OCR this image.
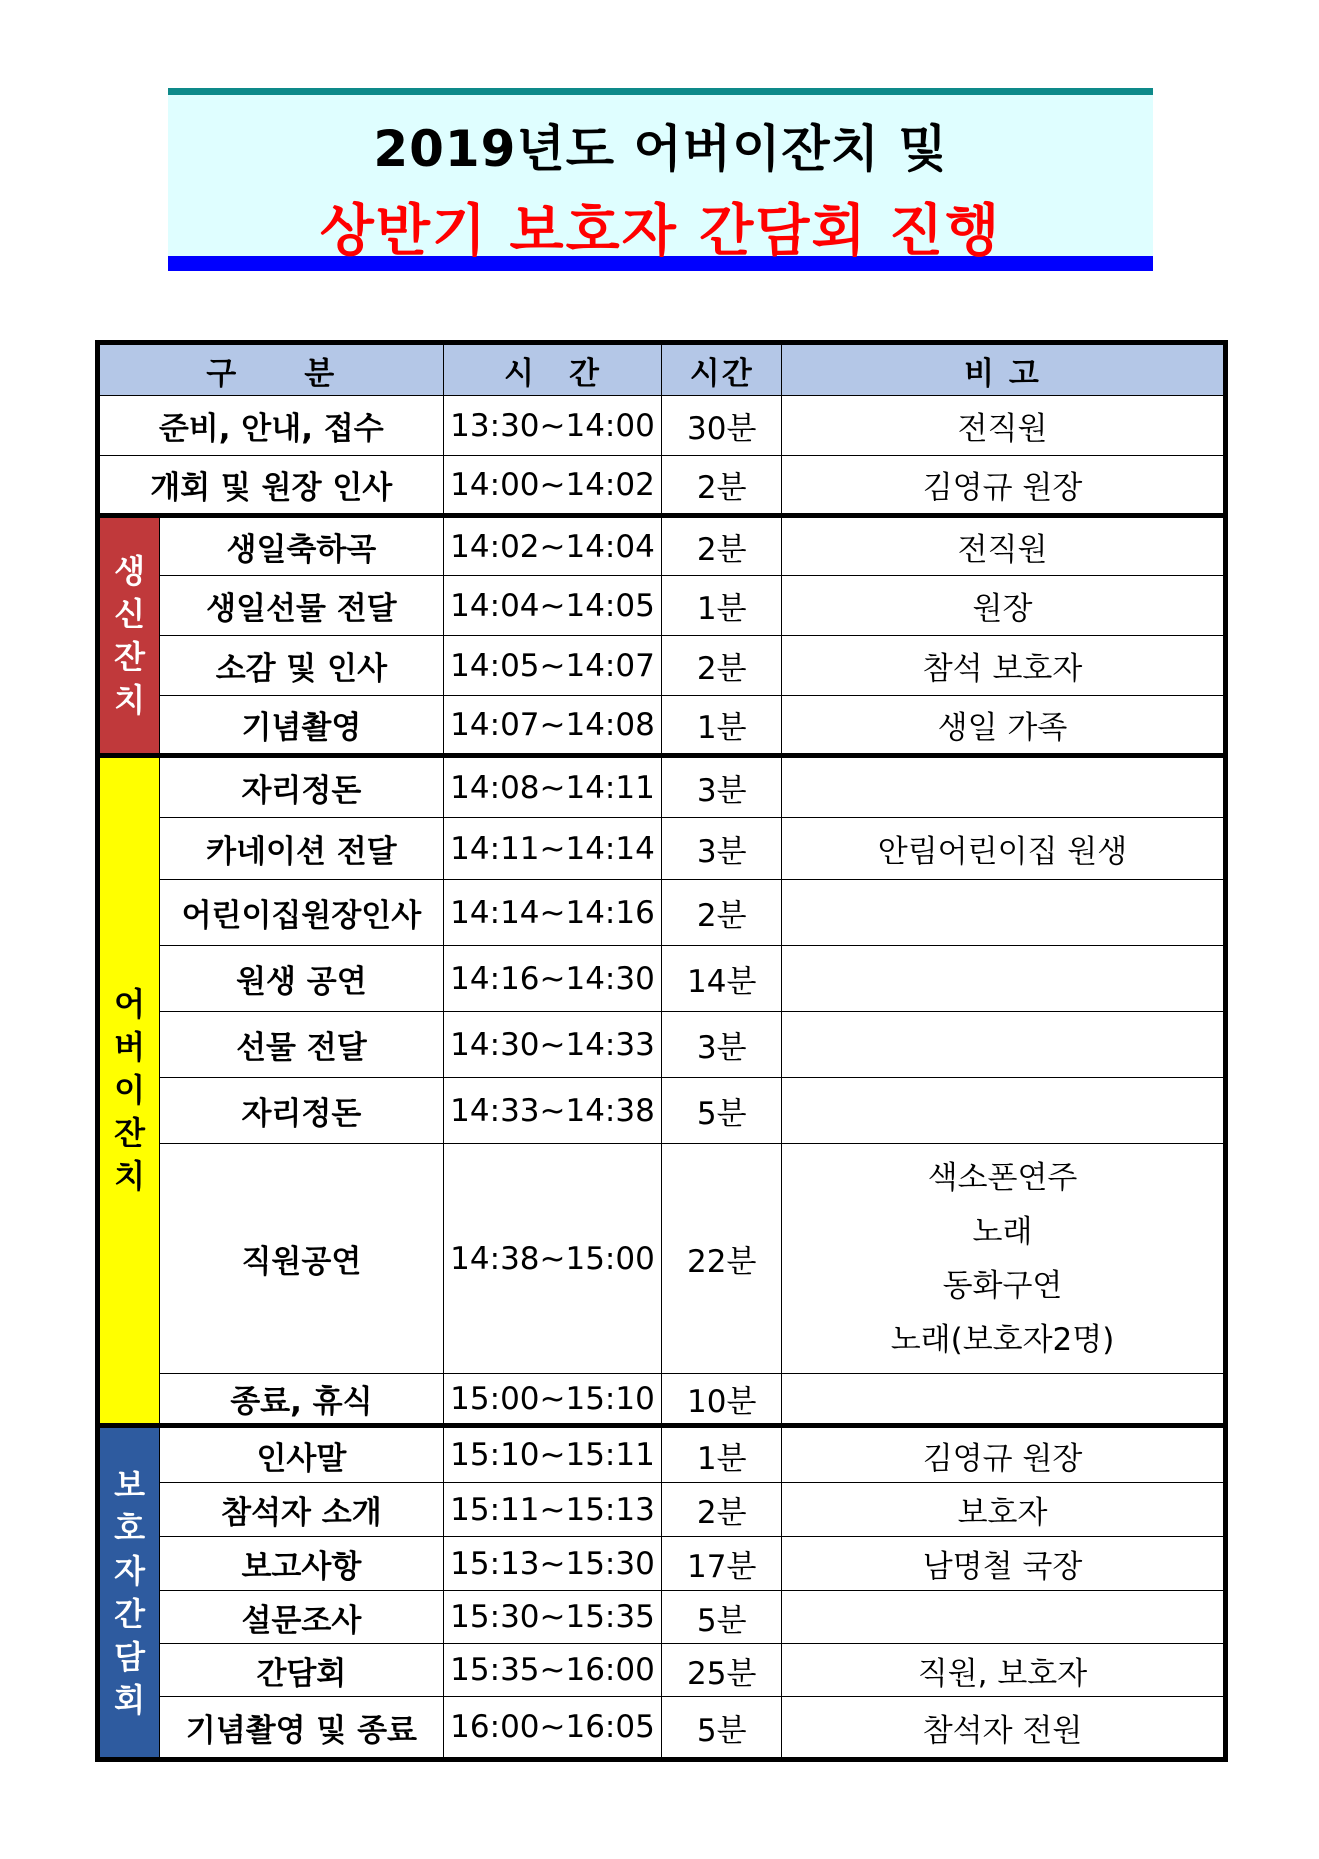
2019년도 어버이잔치 및
상반기 보호자 간담회 진행
구　　분		시　간	시간	비 고
준비, 안내, 접수		13:30~14:00	30분	전직원
개회 및 원장 인사		14:00~14:02	2분	김영규 원장
생신잔치	생일축하곡	14:02~14:04	2분	전직원
	생일선물 전달	14:04~14:05	1분	원장
	소감 및 인사	14:05~14:07	2분	참석 보호자
	기념촬영	14:07~14:08	1분	생일 가족
어버이 잔치	자리정돈	14:08~14:11	3분	
	카네이션 전달	14:11~14:14	3분	안림어린이집 원생
	어린이집원장인사	14:14~14:16	2분	
	원생 공연	14:16~14:30	14분	
	선물 전달	14:30~14:33	3분	
	자리정돈	14:33~14:38	5분	
	직원공연	14:38~15:00	22분	색소폰연주
노래
동화구연
노래(보호자2명)

	종료, 휴식	15:00~15:10	10분	
보호자간담회	인사말	15:10~15:11	1분	김영규 원장
	참석자 소개	15:11~15:13	2분	보호자
	보고사항	15:13~15:30	17분	남명철 국장
	설문조사	15:30~15:35	5분	
	간담회	15:35~16:00	25분	직원, 보호자
	기념촬영 및 종료	16:00~16:05	5분	참석자 전원
